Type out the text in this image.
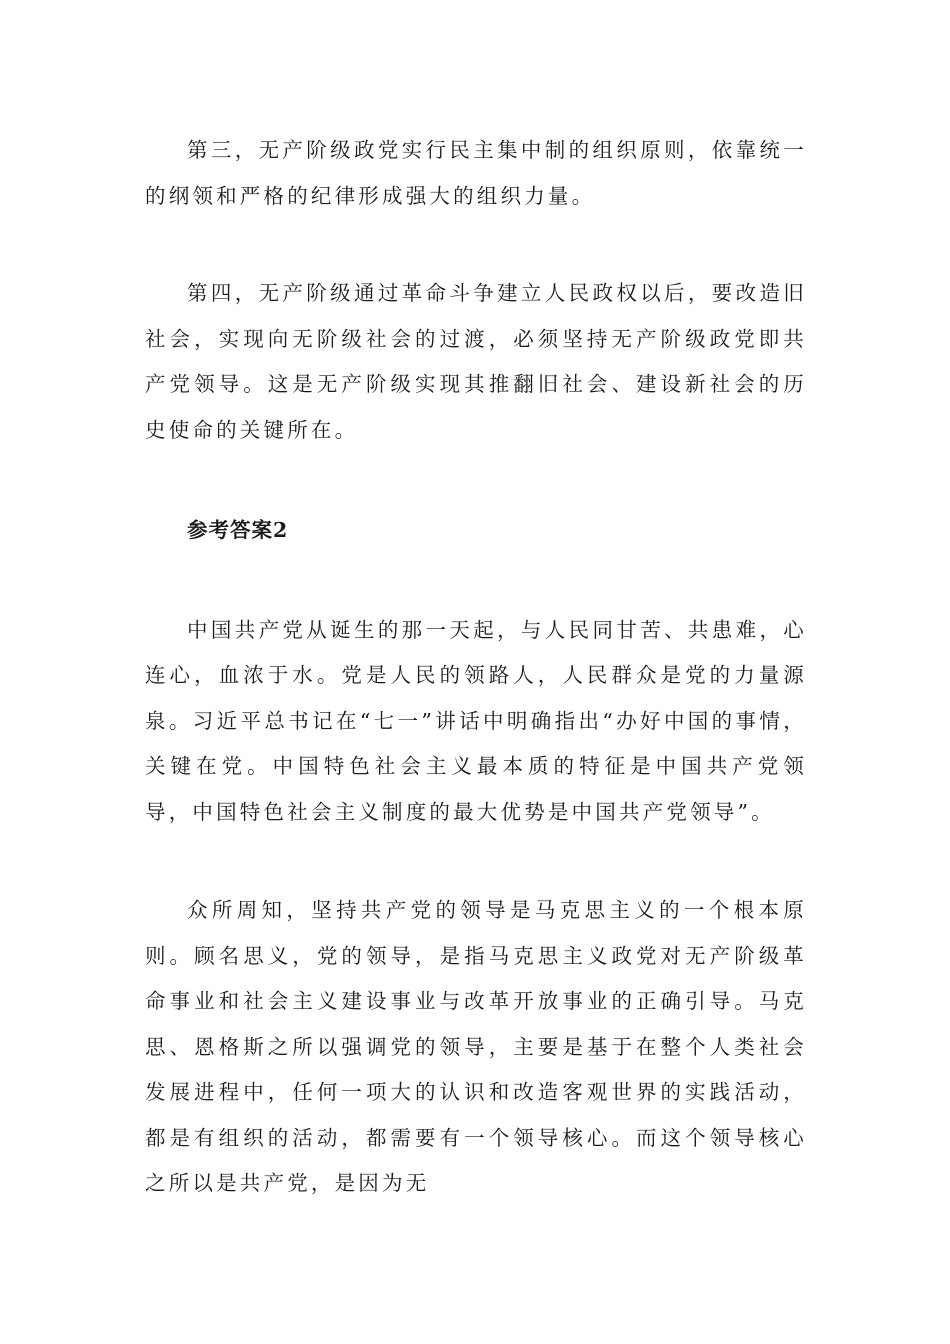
第三，无产阶级政党实行民主集中制的组织原则，依靠统一的纲领和严格的纪律形成强大的组织力量。

第四，无产阶级通过革命斗争建立人民政权以后，要改造旧社会，实现向无阶级社会的过渡，必须坚持无产阶级政党即共产党领导。这是无产阶级实现其推翻旧社会、建设新社会的历史使命的关键所在。

参考答案2

中国共产党从诞生的那一天起，与人民同甘苦、共患难，心连心，血浓于水。党是人民的领路人，人民群众是党的力量源泉。习近平总书记在“七一”讲话中明确指出“办好中国的事情，关键在党。中国特色社会主义最本质的特征是中国共产党领导，中国特色社会主义制度的最大优势是中国共产党领导”。

众所周知，坚持共产党的领导是马克思主义的一个根本原则。顾名思义，党的领导，是指马克思主义政党对无产阶级革命事业和社会主义建设事业与改革开放事业的正确引导。马克思、恩格斯之所以强调党的领导，主要是基于在整个人类社会发展进程中，任何一项大的认识和改造客观世界的实践活动，都是有组织的活动，都需要有一个领导核心。而这个领导核心之所以是共产党，是因为无
